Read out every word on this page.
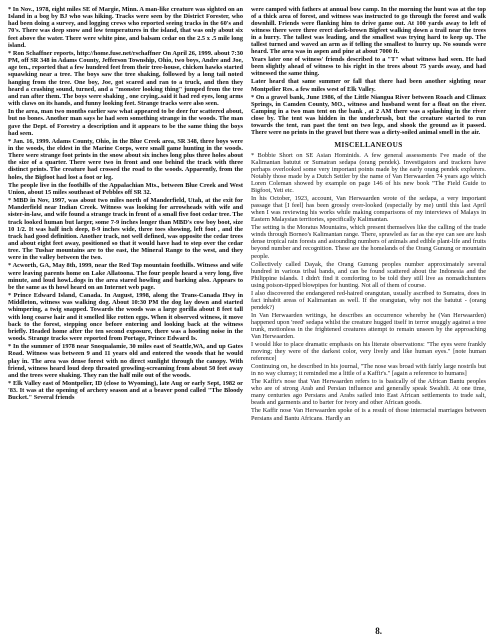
* In Nov., 1978, eight miles SE of Margie, Minn. A man-like creature was sighted on an Island in a bog by BJ who was hiking. Tracks were seen by the District Forester, who had been doing a survey, and logging crews who reported seeing tracks in the 60's and 70's. There was deep snow and low temperatures in the island, that was only about six feet above the water. There were white pine, and balsam cedar on the 2.5 x .5 mile long island.

* Ron Schaffner reports, http://home.fuse.net/rschaffner On April 26, 1999. about 7:30 PM, off SR 348 in Adams County, Jefferson Township, Ohio, two boys, Andre and Joe, age ten., reported that a few hundred feet from their tree-house, chicken hawks started squawking near a tree. The boys saw the tree shaking, followed by a long tail noted hanging from the tree. One boy, Joe, got scared and ran to a truck, and then they heard a crashing sound, turned, and a "monster looking thing" jumped from the tree and ran after them. The boys were shaking , one crying..said it had red eyes, long arms with claws on its hands, and funny looking feet. Strange tracks were also seen.

In the area, man two months earlier saw what appeared to be deer fur scattered about, but no bones. Another man says he had seen something strange in the woods. The man gave the Dept. of Forestry a description and it appears to be the same thing the boys had seen.

* Jan. 16, 1999. Adams County, Ohio, in the Blue Creek area, SR 348, three boys were in the woods, the eldest in the Marine Corps, were small game hunting in the woods. There were strange foot prints in the snow about six inches long plus three holes about the size of a quarter. There were two in front and one behind the track with three distinct prints. The creature had crossed the road to the woods. Apparently, from the holes, the Bigfoot had lost a foot or leg.

The people live in the foothills of the Appalachian Mts., between Blue Creek and West Union, about 15 miles southeast of Pebbles off SR 32.

* MBD in Nov, 1997, was about two miles north of Manderfield, Utah, at the exit for Manderfield near Indian Creek. Witness was looking for arrowheads with wife and sister-in-law, and wife found a strange track in front of a small five foot cedar tree. The track looked human but larger, some 7-9 inches longer than MBD's cow boy boot, size 10 1/2. It was half inch deep, 8-9 inches wide, three toes showing, left foot , and the track had good definition. Another track, not well defined, was opposite the cedar trees and about eight feet away, positioned so that it would have had to step over the cedar tree. The Tushar mountains are to the east, the Mineral Range to the west, and they were in the valley between the two.

* Acworth, GA, May 8th, 1999, near the Red Top mountain foothills. Witness and wife were leaving parents home on Lake Allatoona. The four people heard a very long, five minute, and loud howl..dogs in the area stared howling and barking also. Appears to be the same as th howl heard on an Internet web page.

* Prince Edward Island, Canada. In August, 1998, along the Trans-Canada Hwy in Middleton, witness was walking dog. About 10:30 PM the dog lay down and started whimpering, a twig snapped. Towards the woods was a large gorilla about 8 feet tall with long coarse hair and it smelled like rotten eggs. When it observed witness, it move back to the forest, stepping once before entering and looking back at the witness briefly. Headed home after the ten second exposure, there was a hooting noise in the woods. Strange tracks were reported from Portage, Prince Edward Is.

* In the summer of 1978 near Snoqualamie, 30 miles east of Seattle,WA, and up Gates Road. Witness was between 9 and 11 years old and entered the woods that he would play in. The area was dense forest with no direct sunlight through the canopy. With friend, witness heard loud deep throated growling-screaming from about 50 feet away and the trees were shaking. They ran the half mile out of the woods.

* Elk Valley east of Montpelier, ID (close to Wyoming), late Aug or early Sept, 1982 or '83. It was at the opening of archery season and at a beaver pond called "The Bloody Bucket." Several friends

were camped with fathers at annual bow camp. In the morning the hunt was at the top of a thick area of forest, and witness was instructed to go through the forest and walk downhill. Friends were flanking him to drive game out. At 100 yards away to left of witness there were three erect dark-brown Bigfeet walking down a trail near the trees in a hurry. The tallest was leading, and the smallest was trying hard to keep up. The tallest turned and waved an arm as if telling the smallest to hurry up. No sounds were heard. The area was in aspen and pine at about 7000 ft.

Years later one of witness' friends described to a "T" what witness had seen. He had been slightly ahead of witness to his right in the trees about 75 yards away, and had witnessed the same thing.

Later heard that same summer or fall that there had been another sighting near Montpelier Res. a few miles west of Elk Valley.

* On a gravel bank, June 1986, of the Little Niangua River between Roach and Climax Springs, in Camden County, MO., witness and husband went for a float on the river. Camping in a two man tent on the bank , at 2 AM there was a splashing in the river close by. The tent was hidden in the underbrush, but the creature started to run towards the tent, ran past the tent on two legs, and shook the ground as it passed. There were no prints in the gravel but there was a dirty-soiled animal smell in the air.

MISCELLANEOUS

* Bobbie Short on SE Asian Hominids. A few general assessments I've made of the Kalimantan batutut or Sumatran sedapa (orang pendek). Investigators and trackers have perhaps overlooked some very important points made by the early orang pendek explorers. Notably those made by a Dutch Settler by the name of Van Herwaarden 74 years ago which Loren Coleman showed by example on page 146 of his new book "The Field Guide to Bigfoot, Yeti etc.

In his October, 1923, account, Van Herwaarden wrote of the sedapa, a very important passage that [I feel] has been grossly over-looked (especially by me) until this last April when I was reviewing his works while making comparisons of my interviews of Malays in Eastern Malaysian territories, specifically Kalimantan.

The setting is the Moratus Mountains, which present themselves like the calling of the trade winds through Borneo's Kalimantan range. There, sprawled as far as the eye can see are lush dense tropical rain forests and astounding numbers of animals and edible plant-life and fruits beyond number and recognition. These are the homelands of the Orang Gunung or mountain people.

Collectively called Dayak, the Orang Gunung peoples number approximately several hundred in various tribal bands, and can be found scattered about the Indonesia and the Philippine islands. I didn't find it comforting to be told they still live as nomadichunters using poison-tipped blowpipes for hunting. Not all of them of course.

I also discovered the endangered red-haired orangutan, usually ascribed to Sumatra, does in fact inhabit areas of Kalimantan as well. If the orangutan, why not the batutut - (orang pendek?)

In Van Herwaarden writings, he describes an occurrence whereby he (Van Herwaarden) happened upon 'reed' sedapa whilst the creature hugged itself in terror snuggly against a tree trunk, motionless in the frightened creatures attempt to remain unseen by the approaching Van Herwaarden.

I would like to place dramatic emphasis on his literate observations: "The eyes were frankly moving; they were of the darkest color, very lively and like human eyes." [note human reference]

Continuing on, he described in his journal, "The nose was broad with fairly large nostrils but in no way clumsy; it reminded me a little of a Kaffir's." [again a reference to humans]

The Kaffir's nose that Van Herwaarden refers to is basically of the African Bantu peoples who are of strong Arab and Persian influence and generally speak Swahili. At one time, many centuries ago Persians and Arabs sailed into East African settlements to trade salt, beads and garments and to barter for ivory and other African goods.

The Kaffir nose Van Herwaarden spoke of is a result of those interracial marriages between Persians and Bantu Africans. Hardly an

8.
